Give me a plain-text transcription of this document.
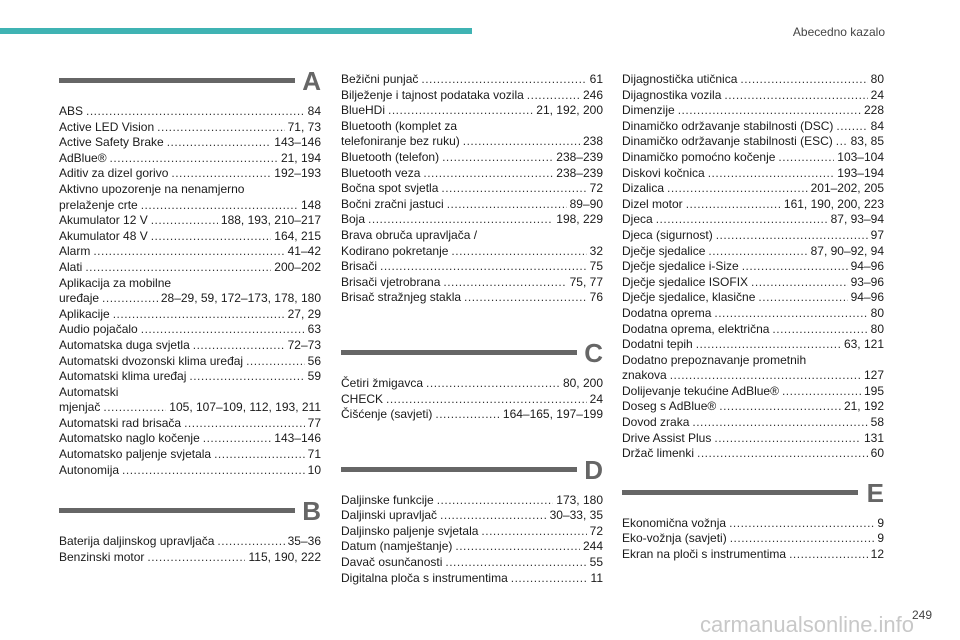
Abecedno kazalo
A
ABS .....	84
Active LED Vision .....	71, 73
Active Safety Brake .....	143–146
AdBlue® .....	21, 194
Aditiv za dizel gorivo .....	192–193
Aktivno upozorenje na nenamjerno
prelaženje crte .....	148
Akumulator 12 V .....	188, 193, 210–217
Akumulator 48 V .....	164, 215
Alarm .....	41–42
Alati .....	200–202
Aplikacija za mobilne
uređaje .....	28–29, 59, 172–173, 178, 180
Aplikacije .....	27, 29
Audio pojačalo .....	63
Automatska duga svjetla .....	72–73
Automatski dvozonski klima uređaj .....	56
Automatski klima uređaj .....	59
Automatski
mjenjač .....	105, 107–109, 112, 193, 211
Automatski rad brisača .....	77
Automatsko naglo kočenje .....	143–146
Automatsko paljenje svjetala .....	71
Autonomija .....	10
B
Baterija daljinskog upravljača .....	35–36
Benzinski motor .....	115, 190, 222
Bežični punjač .....	61
Bilježenje i tajnost podataka vozila .....	246
BlueHDi .....	21, 192, 200
Bluetooth (komplet za
telefoniranje bez ruku) .....	238
Bluetooth (telefon) .....	238–239
Bluetooth veza .....	238–239
Bočna spot svjetla .....	72
Bočni zračni jastuci .....	89–90
Boja .....	198, 229
Brava obruča upravljača /
Kodirano pokretanje .....	32
Brisači .....	75
Brisači vjetrobrana .....	75, 77
Brisač stražnjeg stakla .....	76
C
Četiri žmigavca .....	80, 200
CHECK .....	24
Čišćenje (savjeti) .....	164–165, 197–199
D
Daljinske funkcije .....	173, 180
Daljinski upravljač .....	30–33, 35
Daljinsko paljenje svjetala .....	72
Datum (namještanje) .....	244
Davač osunčanosti .....	55
Digitalna ploča s instrumentima .....	11
Dijagnostička utičnica .....	80
Dijagnostika vozila .....	24
Dimenzije .....	228
Dinamičko održavanje stabilnosti (DSC) .....	84
Dinamičko održavanje stabilnosti (ESC) ..... 83, 85
Dinamičko pomoćno kočenje .....	103–104
Diskovi kočnica .....	193–194
Dizalica .....	201–202, 205
Dizel motor .....	161, 190, 200, 223
Djeca .....	87, 93–94
Djeca (sigurnost) .....	97
Dječje sjedalice .....	87, 90–92, 94
Dječje sjedalice i-Size .....	94–96
Dječje sjedalice ISOFIX .....	93–96
Dječje sjedalice, klasične .....	94–96
Dodatna oprema .....	80
Dodatna oprema, električna .....	80
Dodatni tepih .....	63, 121
Dodatno prepoznavanje prometnih
znakova .....	127
Dolijevanje tekućine AdBlue® .....	195
Doseg s AdBlue® .....	21, 192
Dovod zraka .....	58
Drive Assist Plus .....	131
Držač limenki .....	60
E
Ekonomična vožnja .....	9
Eko-vožnja (savjeti) .....	9
Ekran na ploči s instrumentima .....	12
249
carmanualsonline.info
